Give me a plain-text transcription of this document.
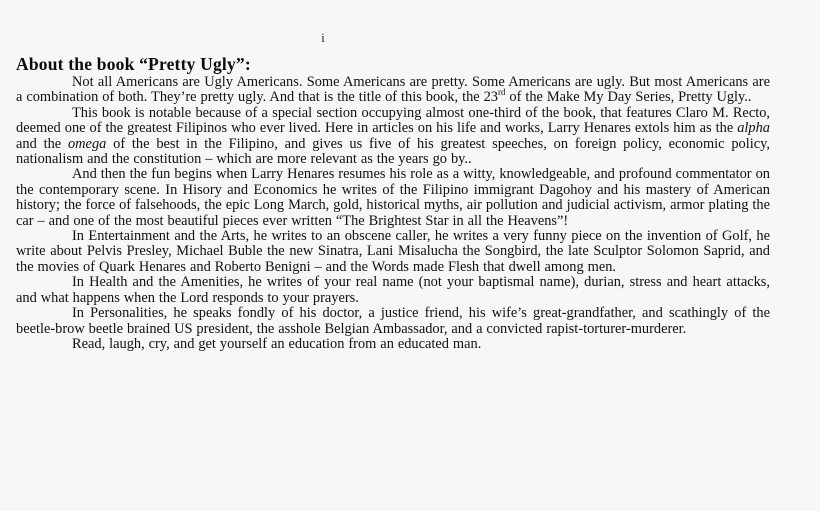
i
About the book “Pretty Ugly”:

Not all Americans are Ugly Americans. Some Americans are pretty. Some Americans are ugly. But most Americans are a combination of both. They’re pretty ugly. And that is the title of this book, the 23rd of the Make My Day Series, Pretty Ugly..

This book is notable because of a special section occupying almost one-third of the book, that features Claro M. Recto, deemed one of the greatest Filipinos who ever lived. Here in articles on his life and works, Larry Henares extols him as the alpha and the omega of the best in the Filipino, and gives us five of his greatest speeches, on foreign policy, economic policy, nationalism and the constitution – which are more relevant as the years go by..

And then the fun begins when Larry Henares resumes his role as a witty, knowledgeable, and profound commentator on the contemporary scene. In Hisory and Economics he writes of the Filipino immigrant Dagohoy and his mastery of American history; the force of falsehoods, the epic Long March, gold, historical myths, air pollution and judicial activism, armor plating the car – and one of the most beautiful pieces ever written “The Brightest Star in all the Heavens”!

In Entertainment and the Arts, he writes to an obscene caller, he writes a very funny piece on the invention of Golf, he write about Pelvis Presley, Michael Buble the new Sinatra, Lani Misalucha the Songbird, the late Sculptor Solomon Saprid, and the movies of Quark Henares and Roberto Benigni – and the Words made Flesh that dwell among men.

In Health and the Amenities, he writes of your real name (not your baptismal name), durian, stress and heart attacks, and what happens when the Lord responds to your prayers.

In Personalities, he speaks fondly of his doctor, a justice friend, his wife’s great-grandfather, and scathingly of the beetle-brow beetle brained US president, the asshole Belgian Ambassador, and a convicted rapist-torturer-murderer.

Read, laugh, cry, and get yourself an education from an educated man.
